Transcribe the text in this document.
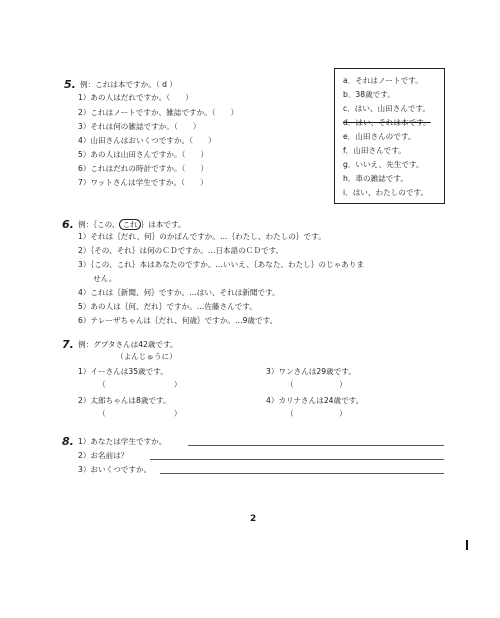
5. 例：これは本ですか。（ d ）
1）あの人はだれですか。（　　）
2）これはノートですか、雑誌ですか。（　　）
3）それは何の雑誌ですか。（　　）
4）山田さんはおいくつですか。（　　）
5）あの人は山田さんですか。（　　）
6）これはだれの時計ですか。（　　）
7）ワットさんは学生ですか。（　　）
a．それはノートです。
b．38歳です。
c．はい、山田さんです。
d．はい、それは本です。
e．山田さんのです。
f．山田さんです。
g．いいえ、先生です。
h．車の雑誌です。
i．はい、わたしのです。
6. 例：｛この、 これ ｝は本です。
1）それは｛だれ、何｝のかばんですか。…｛わたし、わたしの｝です。
2）｛その、それ｝は何のＣＤですか。…日本語のＣＤです。
3）｛この、これ｝本はあなたのですか。…いいえ、｛あなた、わたし｝のじゃありま
　　せん。
4）これは｛新聞、何｝ですか。…はい、それは新聞です。
5）あの人は｛何、だれ｝ですか。…佐藤さんです。
6）テレーザちゃんは｛だれ、何歳｝ですか。…9歳です。
7. 例：グプタさんは42歳です。
（よんじゅうに）
1）イーさんは35歳です。
（　　　　　　　　　）
2）太郎ちゃんは8歳です。
（　　　　　　　　　）
3）ワンさんは29歳です。
（　　　　　　）
4）カリナさんは24歳です。
（　　　　　　）
8. 1）あなたは学生ですか。
2）お名前は？
3）おいくつですか。
2
